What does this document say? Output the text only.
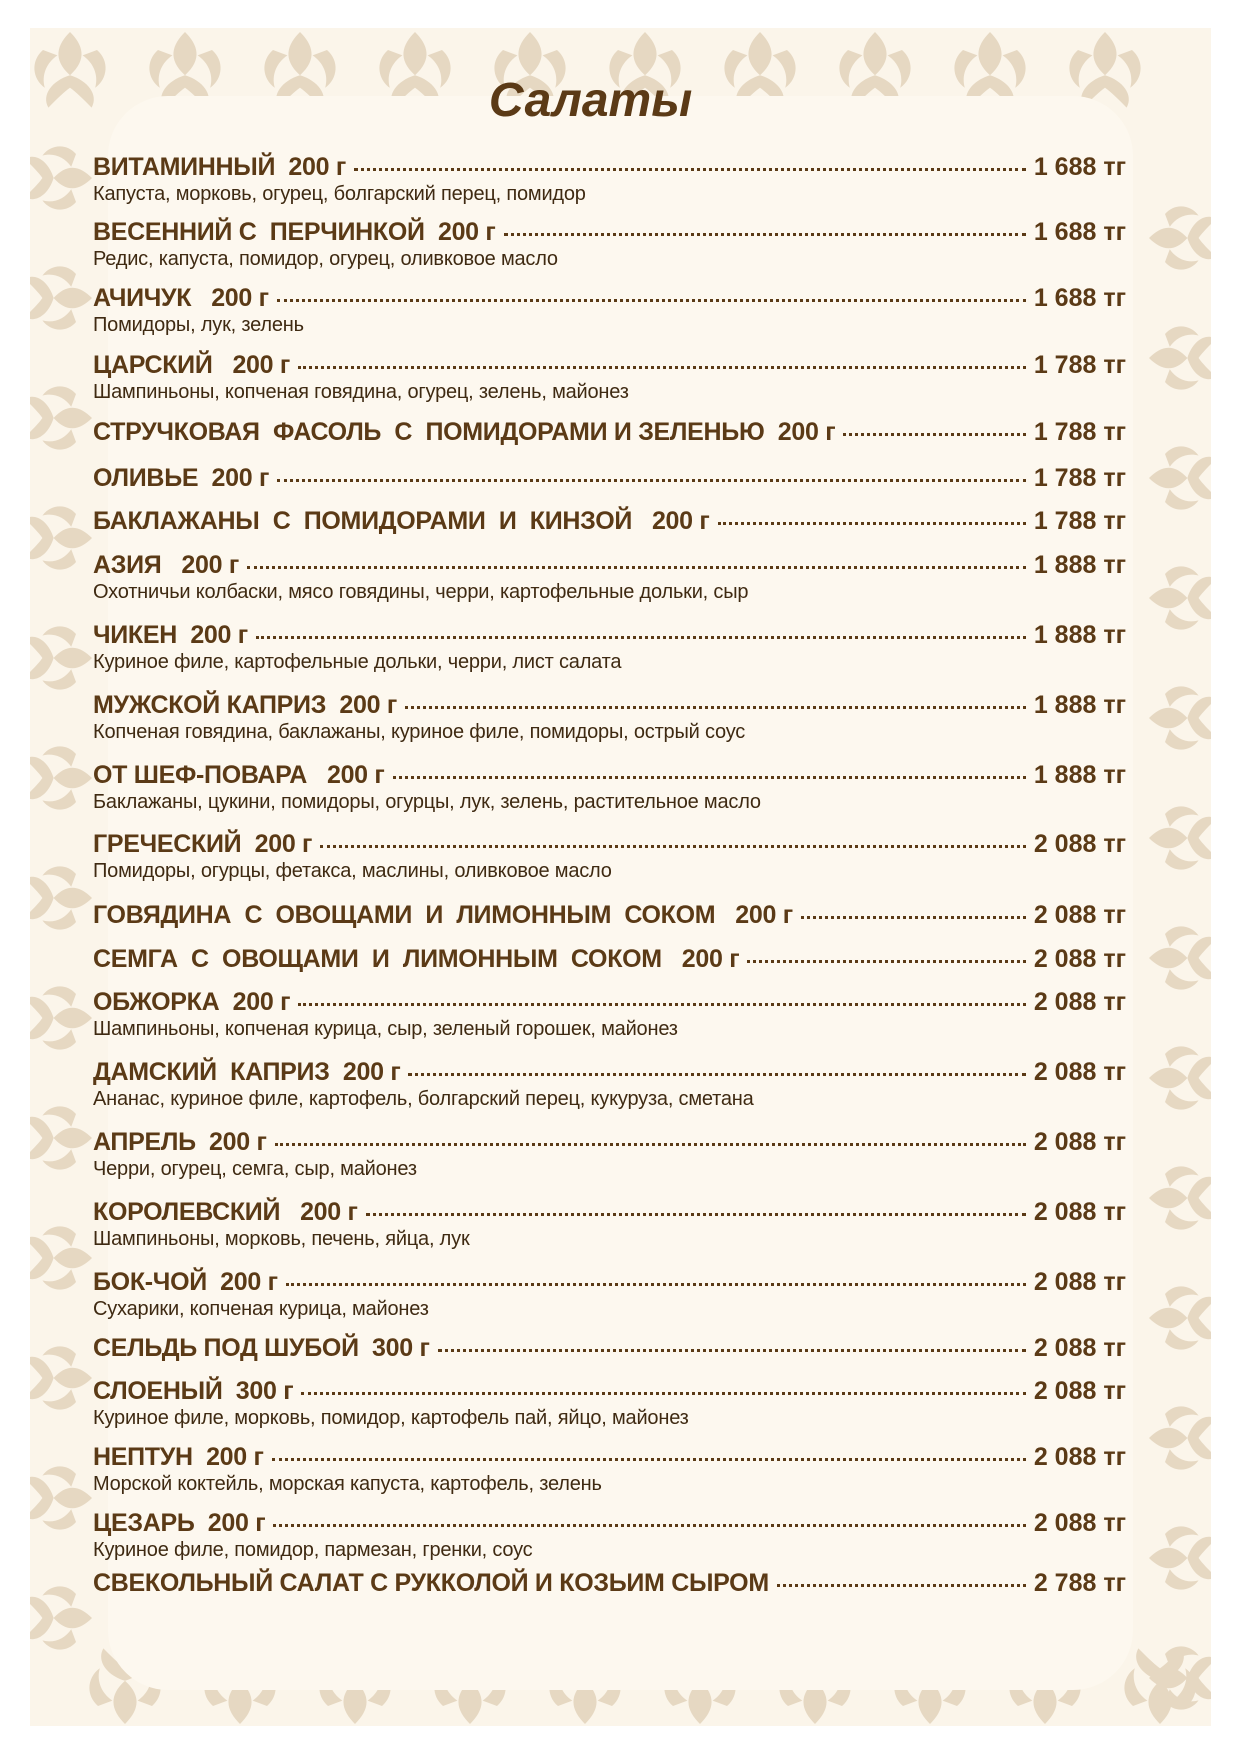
Салаты
ВИТАМИННЫЙ  200 г	1 688 тг
Капуста, морковь, огурец, болгарский перец, помидор
ВЕСЕННИЙ С  ПЕРЧИНКОЙ  200 г	1 688 тг
Редис, капуста, помидор, огурец, оливковое масло
АЧИЧУК   200 г	1 688 тг
Помидоры, лук, зелень
ЦАРСКИЙ   200 г	1 788 тг
Шампиньоны, копченая говядина, огурец, зелень, майонез
СТРУЧКОВАЯ  ФАСОЛЬ  С  ПОМИДОРАМИ И ЗЕЛЕНЬЮ  200 г	1 788 тг
ОЛИВЬЕ  200 г	1 788 тг
БАКЛАЖАНЫ  С  ПОМИДОРАМИ  И  КИНЗОЙ   200 г	1 788 тг
АЗИЯ   200 г	1 888 тг
Охотничьи колбаски, мясо говядины, черри, картофельные дольки, сыр
ЧИКЕН  200 г	1 888 тг
Куриное филе, картофельные дольки, черри, лист салата
МУЖСКОЙ КАПРИЗ  200 г	1 888 тг
Копченая говядина, баклажаны, куриное филе, помидоры, острый соус
ОТ ШЕФ-ПОВАРА   200 г	1 888 тг
Баклажаны, цукини, помидоры, огурцы, лук, зелень, растительное масло
ГРЕЧЕСКИЙ  200 г	2 088 тг
Помидоры, огурцы, фетакса, маслины, оливковое масло
ГОВЯДИНА  С  ОВОЩАМИ  И  ЛИМОННЫМ  СОКОМ   200 г	2 088 тг
СЕМГА  С  ОВОЩАМИ  И  ЛИМОННЫМ  СОКОМ   200 г	2 088 тг
ОБЖОРКА  200 г	2 088 тг
Шампиньоны, копченая курица, сыр, зеленый горошек, майонез
ДАМСКИЙ  КАПРИЗ  200 г	2 088 тг
Ананас, куриное филе, картофель, болгарский перец, кукуруза, сметана
АПРЕЛЬ  200 г	2 088 тг
Черри, огурец, семга, сыр, майонез
КОРОЛЕВСКИЙ   200 г	2 088 тг
Шампиньоны, морковь, печень, яйца, лук
БОК-ЧОЙ  200 г	2 088 тг
Сухарики, копченая курица, майонез
СЕЛЬДЬ ПОД ШУБОЙ  300 г	2 088 тг
СЛОЕНЫЙ  300 г	2 088 тг
Куриное филе, морковь, помидор, картофель пай, яйцо, майонез
НЕПТУН  200 г	2 088 тг
Морской коктейль, морская капуста, картофель, зелень
ЦЕЗАРЬ  200 г	2 088 тг
Куриное филе, помидор, пармезан, гренки, соус
СВЕКОЛЬНЫЙ САЛАТ С РУККОЛОЙ И КОЗЬИМ СЫРОМ	2 788 тг
